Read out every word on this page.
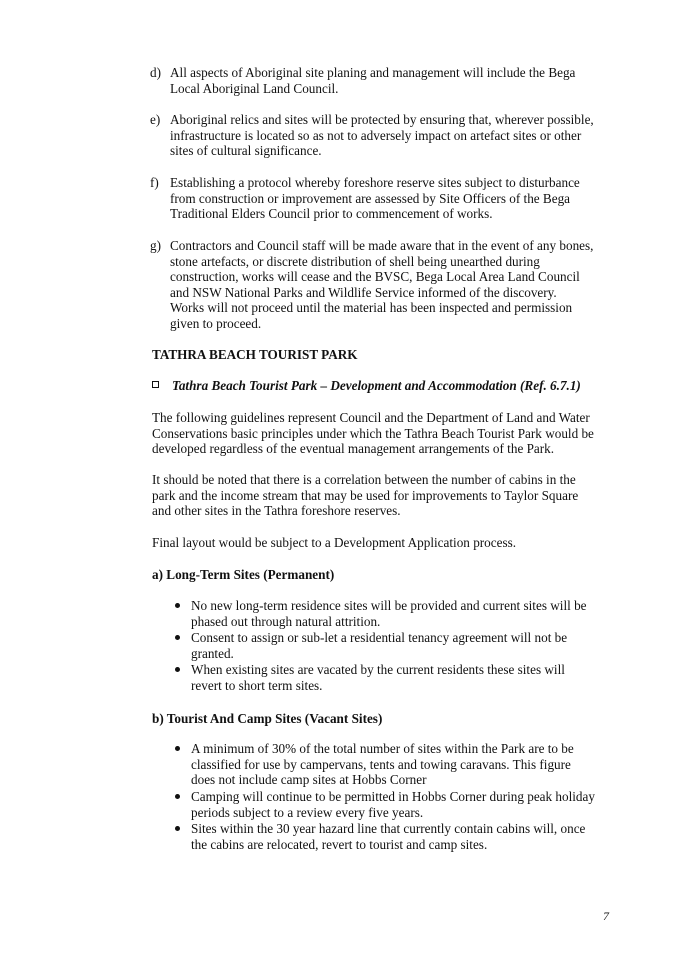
d) All aspects of Aboriginal site planing and management will include the Bega
Local Aboriginal Land Council.
e) Aboriginal relics and sites will be protected by ensuring that, wherever possible,
infrastructure is located so as not to adversely impact on artefact sites or other
sites of cultural significance.
f) Establishing a protocol whereby foreshore reserve sites subject to disturbance
from construction or improvement are assessed by Site Officers of the Bega
Traditional Elders Council prior to commencement of works.
g) Contractors and Council staff will be made aware that in the event of any bones,
stone artefacts, or discrete distribution of shell being unearthed during
construction, works will cease and the BVSC, Bega Local Area Land Council
and NSW National Parks and Wildlife Service informed of the discovery.
Works will not proceed until the material has been inspected and permission
given to proceed.
TATHRA BEACH TOURIST PARK
Tathra Beach Tourist Park – Development and Accommodation (Ref. 6.7.1)
The following guidelines represent Council and the Department of Land and Water
Conservations basic principles under which the Tathra Beach Tourist Park would be
developed regardless of the eventual management arrangements of the Park.
It should be noted that there is a correlation between the number of cabins in the
park and the income stream that may be used for improvements to Taylor Square
and other sites in the Tathra foreshore reserves.
Final layout would be subject to a Development Application process.
a) Long-Term Sites (Permanent)
No new long-term residence sites will be provided and current sites will be
phased out through natural attrition.
Consent to assign or sub-let a residential tenancy agreement will not be
granted.
When existing sites are vacated by the current residents these sites will
revert to short term sites.
b) Tourist And Camp Sites (Vacant Sites)
A minimum of 30% of the total number of sites within the Park are to be
classified for use by campervans, tents and towing caravans. This figure
does not include camp sites at Hobbs Corner
Camping will continue to be permitted in Hobbs Corner during peak holiday
periods subject to a review every five years.
Sites within the 30 year hazard line that currently contain cabins will, once
the cabins are relocated, revert to tourist and camp sites.
7
